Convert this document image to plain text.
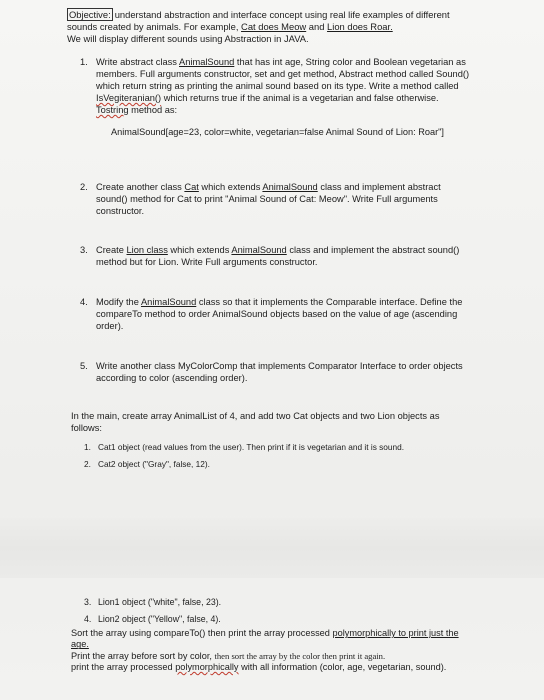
Objective: understand abstraction and interface concept using real life examples of different sounds created by animals. For example, Cat does Meow and Lion does Roar.
We will display different sounds using Abstraction in JAVA.
1. Write abstract class AnimalSound that has int age, String color and Boolean vegetarian as members. Full arguments constructor, set and get method, Abstract method called Sound() which return string as printing the animal sound based on its type. Write a method called IsVegiteranian() which returns true if the animal is a vegetarian and false otherwise. Tostring method as:
AnimalSound[age=23, color=white, vegetarian=false Animal Sound of Lion: Roar"]
2. Create another class Cat which extends AnimalSound class and implement abstract sound() method for Cat to print "Animal Sound of Cat: Meow". Write Full arguments constructor.
3. Create Lion class which extends AnimalSound class and implement the abstract sound() method but for Lion. Write Full arguments constructor.
4. Modify the AnimalSound class so that it implements the Comparable interface. Define the compareTo method to order AnimalSound objects based on the value of age (ascending order).
5. Write another class MyColorComp that implements Comparator Interface to order objects according to color (ascending order).
In the main, create array AnimalList of 4, and add two Cat objects and two Lion objects as follows:
1. Cat1 object (read values from the user). Then print if it is vegetarian and it is sound.
2. Cat2 object ("Gray", false, 12).
3. Lion1 object ("white", false, 23).
4. Lion2 object ("Yellow", false, 4).
Sort the array using compareTo() then print the array processed polymorphically to print just the age.
Print the array before sort by color, then sort the array by the color then print it again.
print the array processed polymorphically with all information (color, age, vegetarian, sound).
